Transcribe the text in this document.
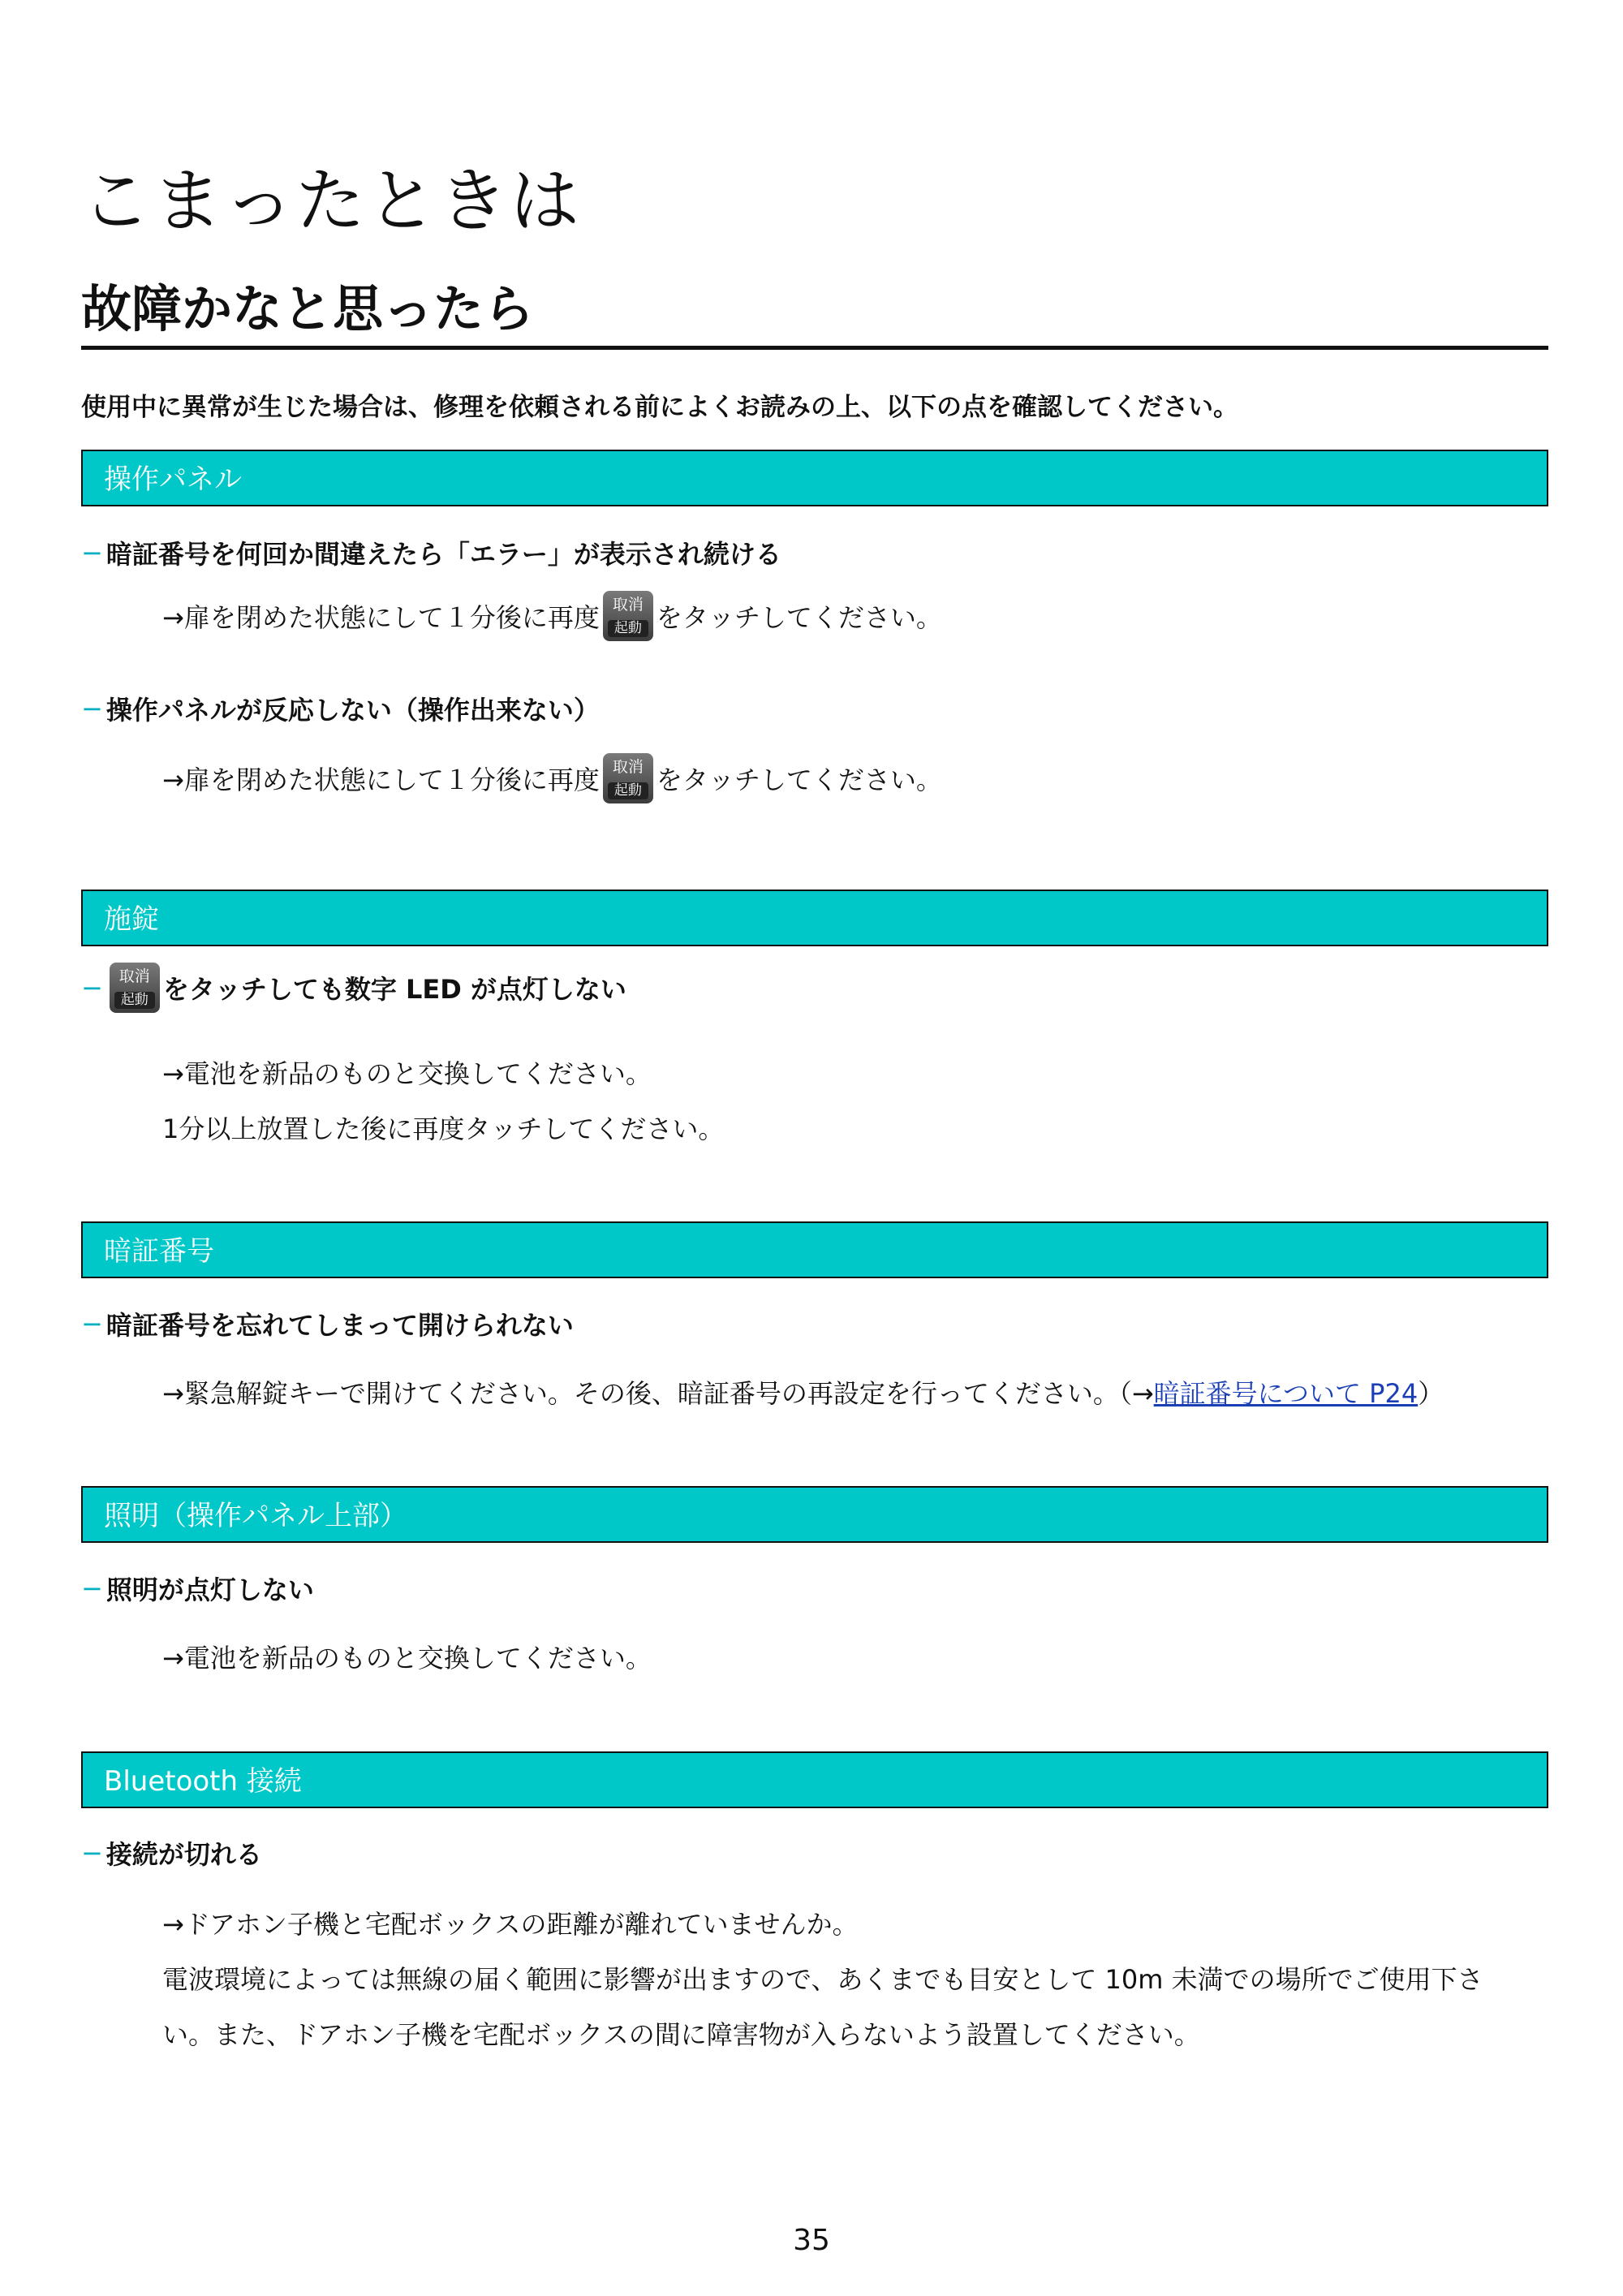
こまったときは
故障かなと思ったら

使用中に異常が生じた場合は、修理を依頼される前によくお読みの上、以下の点を確認してください。

操作パネル

− 暗証番号を何回か間違えたら「エラー」が表示され続ける

→扉を閉めた状態にして１分後に再度 取消
起動 をタッチしてください。

− 操作パネルが反応しない（操作出来ない）

→扉を閉めた状態にして１分後に再度 取消
起動 をタッチしてください。

施錠

−	取消
起動 をタッチしても数字 LED が点灯しない

→電池を新品のものと交換してください。

1分以上放置した後に再度タッチしてください。

暗証番号

− 暗証番号を忘れてしまって開けられない

→緊急解錠キーで開けてください。その後、暗証番号の再設定を行ってください。（→ 暗証番号について P24 ）

照明（操作パネル上部）

− 照明が点灯しない

→電池を新品のものと交換してください。

Bluetooth 接続

− 接続が切れる

→ドアホン子機と宅配ボックスの距離が離れていませんか。

電波環境によっては無線の届く範囲に影響が出ますので、あくまでも目安として 10m 未満での場所でご使用下さ

い。また、ドアホン子機を宅配ボックスの間に障害物が入らないよう設置してください。

35
